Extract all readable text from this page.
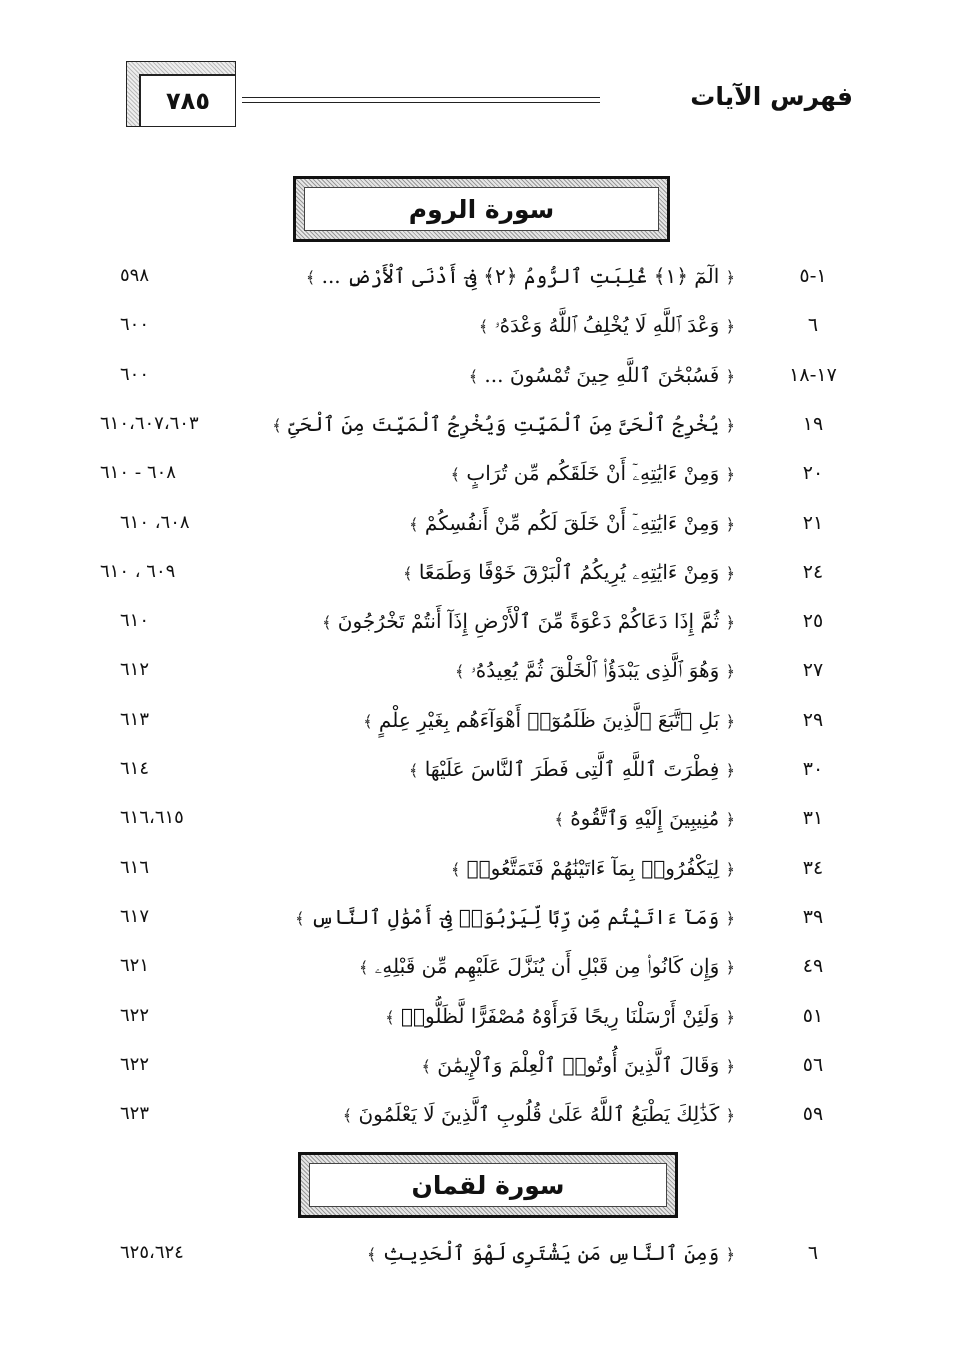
٧٨٥	فهرس الآيات
سورة الروم
١-٥
﴿ الٓمٓ ﴿١﴾ غُلِبَتِ ٱلرُّومُ ﴿٢﴾ فِىٓ أَدْنَى ٱلْأَرْضِ ... ﴾
٥٩٨
٦
﴿ وَعْدَ ٱللَّهِ لَا يُخْلِفُ ٱللَّهُ وَعْدَهُۥ ﴾
٦٠٠
١٧-١٨
﴿ فَسُبْحَٰنَ ٱللَّهِ حِينَ تُمْسُونَ ... ﴾
٦٠٠
١٩
﴿ يُخْرِجُ ٱلْحَىَّ مِنَ ٱلْمَيِّتِ وَيُخْرِجُ ٱلْمَيِّتَ مِنَ ٱلْحَىِّ ﴾
٦١٠،٦٠٧،٦٠٣
٢٠
﴿ وَمِنْ ءَايَٰتِهِۦٓ أَنْ خَلَقَكُم مِّن تُرَابٍ ﴾
٦٠٨ - ٦١٠
٢١
﴿ وَمِنْ ءَايَٰتِهِۦٓ أَنْ خَلَقَ لَكُم مِّنْ أَنفُسِكُمْ ﴾
٦٠٨، ٦١٠
٢٤
﴿ وَمِنْ ءَايَٰتِهِۦ يُرِيكُمُ ٱلْبَرْقَ خَوْفًا وَطَمَعًا ﴾
٦٠٩ ، ٦١٠
٢٥
﴿ ثُمَّ إِذَا دَعَاكُمْ دَعْوَةً مِّنَ ٱلْأَرْضِ إِذَآ أَنتُمْ تَخْرُجُونَ ﴾
٦١٠
٢٧
﴿ وَهُوَ ٱلَّذِى يَبْدَؤُا۟ ٱلْخَلْقَ ثُمَّ يُعِيدُهُۥ ﴾
٦١٢
٢٩
﴿ بَلِ ٱتَّبَعَ ٱلَّذِينَ ظَلَمُوٓا۟ أَهْوَآءَهُم بِغَيْرِ عِلْمٍ ﴾
٦١٣
٣٠
﴿ فِطْرَتَ ٱللَّهِ ٱلَّتِى فَطَرَ ٱلنَّاسَ عَلَيْهَا ﴾
٦١٤
٣١
﴿ مُنِيبِينَ إِلَيْهِ وَٱتَّقُوهُ ﴾
٦١٦،٦١٥
٣٤
﴿ لِيَكْفُرُوا۟ بِمَآ ءَاتَيْنَٰهُمْ فَتَمَتَّعُوا۟ ﴾
٦١٦
٣٩
﴿ وَمَآ ءَاتَيْتُم مِّن رِّبًا لِّيَرْبُوَا۟ فِىٓ أَمْوَٰلِ ٱلنَّاسِ ﴾
٦١٧
٤٩
﴿ وَإِن كَانُوا۟ مِن قَبْلِ أَن يُنَزَّلَ عَلَيْهِم مِّن قَبْلِهِۦ ﴾
٦٢١
٥١
﴿ وَلَئِنْ أَرْسَلْنَا رِيحًا فَرَأَوْهُ مُصْفَرًّا لَّظَلُّوا۟ ﴾
٦٢٢
٥٦
﴿ وَقَالَ ٱلَّذِينَ أُوتُوا۟ ٱلْعِلْمَ وَٱلْإِيمَٰنَ ﴾
٦٢٢
٥٩
﴿ كَذَٰلِكَ يَطْبَعُ ٱللَّهُ عَلَىٰ قُلُوبِ ٱلَّذِينَ لَا يَعْلَمُونَ ﴾
٦٢٣
سورة لقمان
٦
﴿ وَمِنَ ٱلنَّاسِ مَن يَشْتَرِى لَهْوَ ٱلْحَدِيثِ ﴾
٦٢٥،٦٢٤
